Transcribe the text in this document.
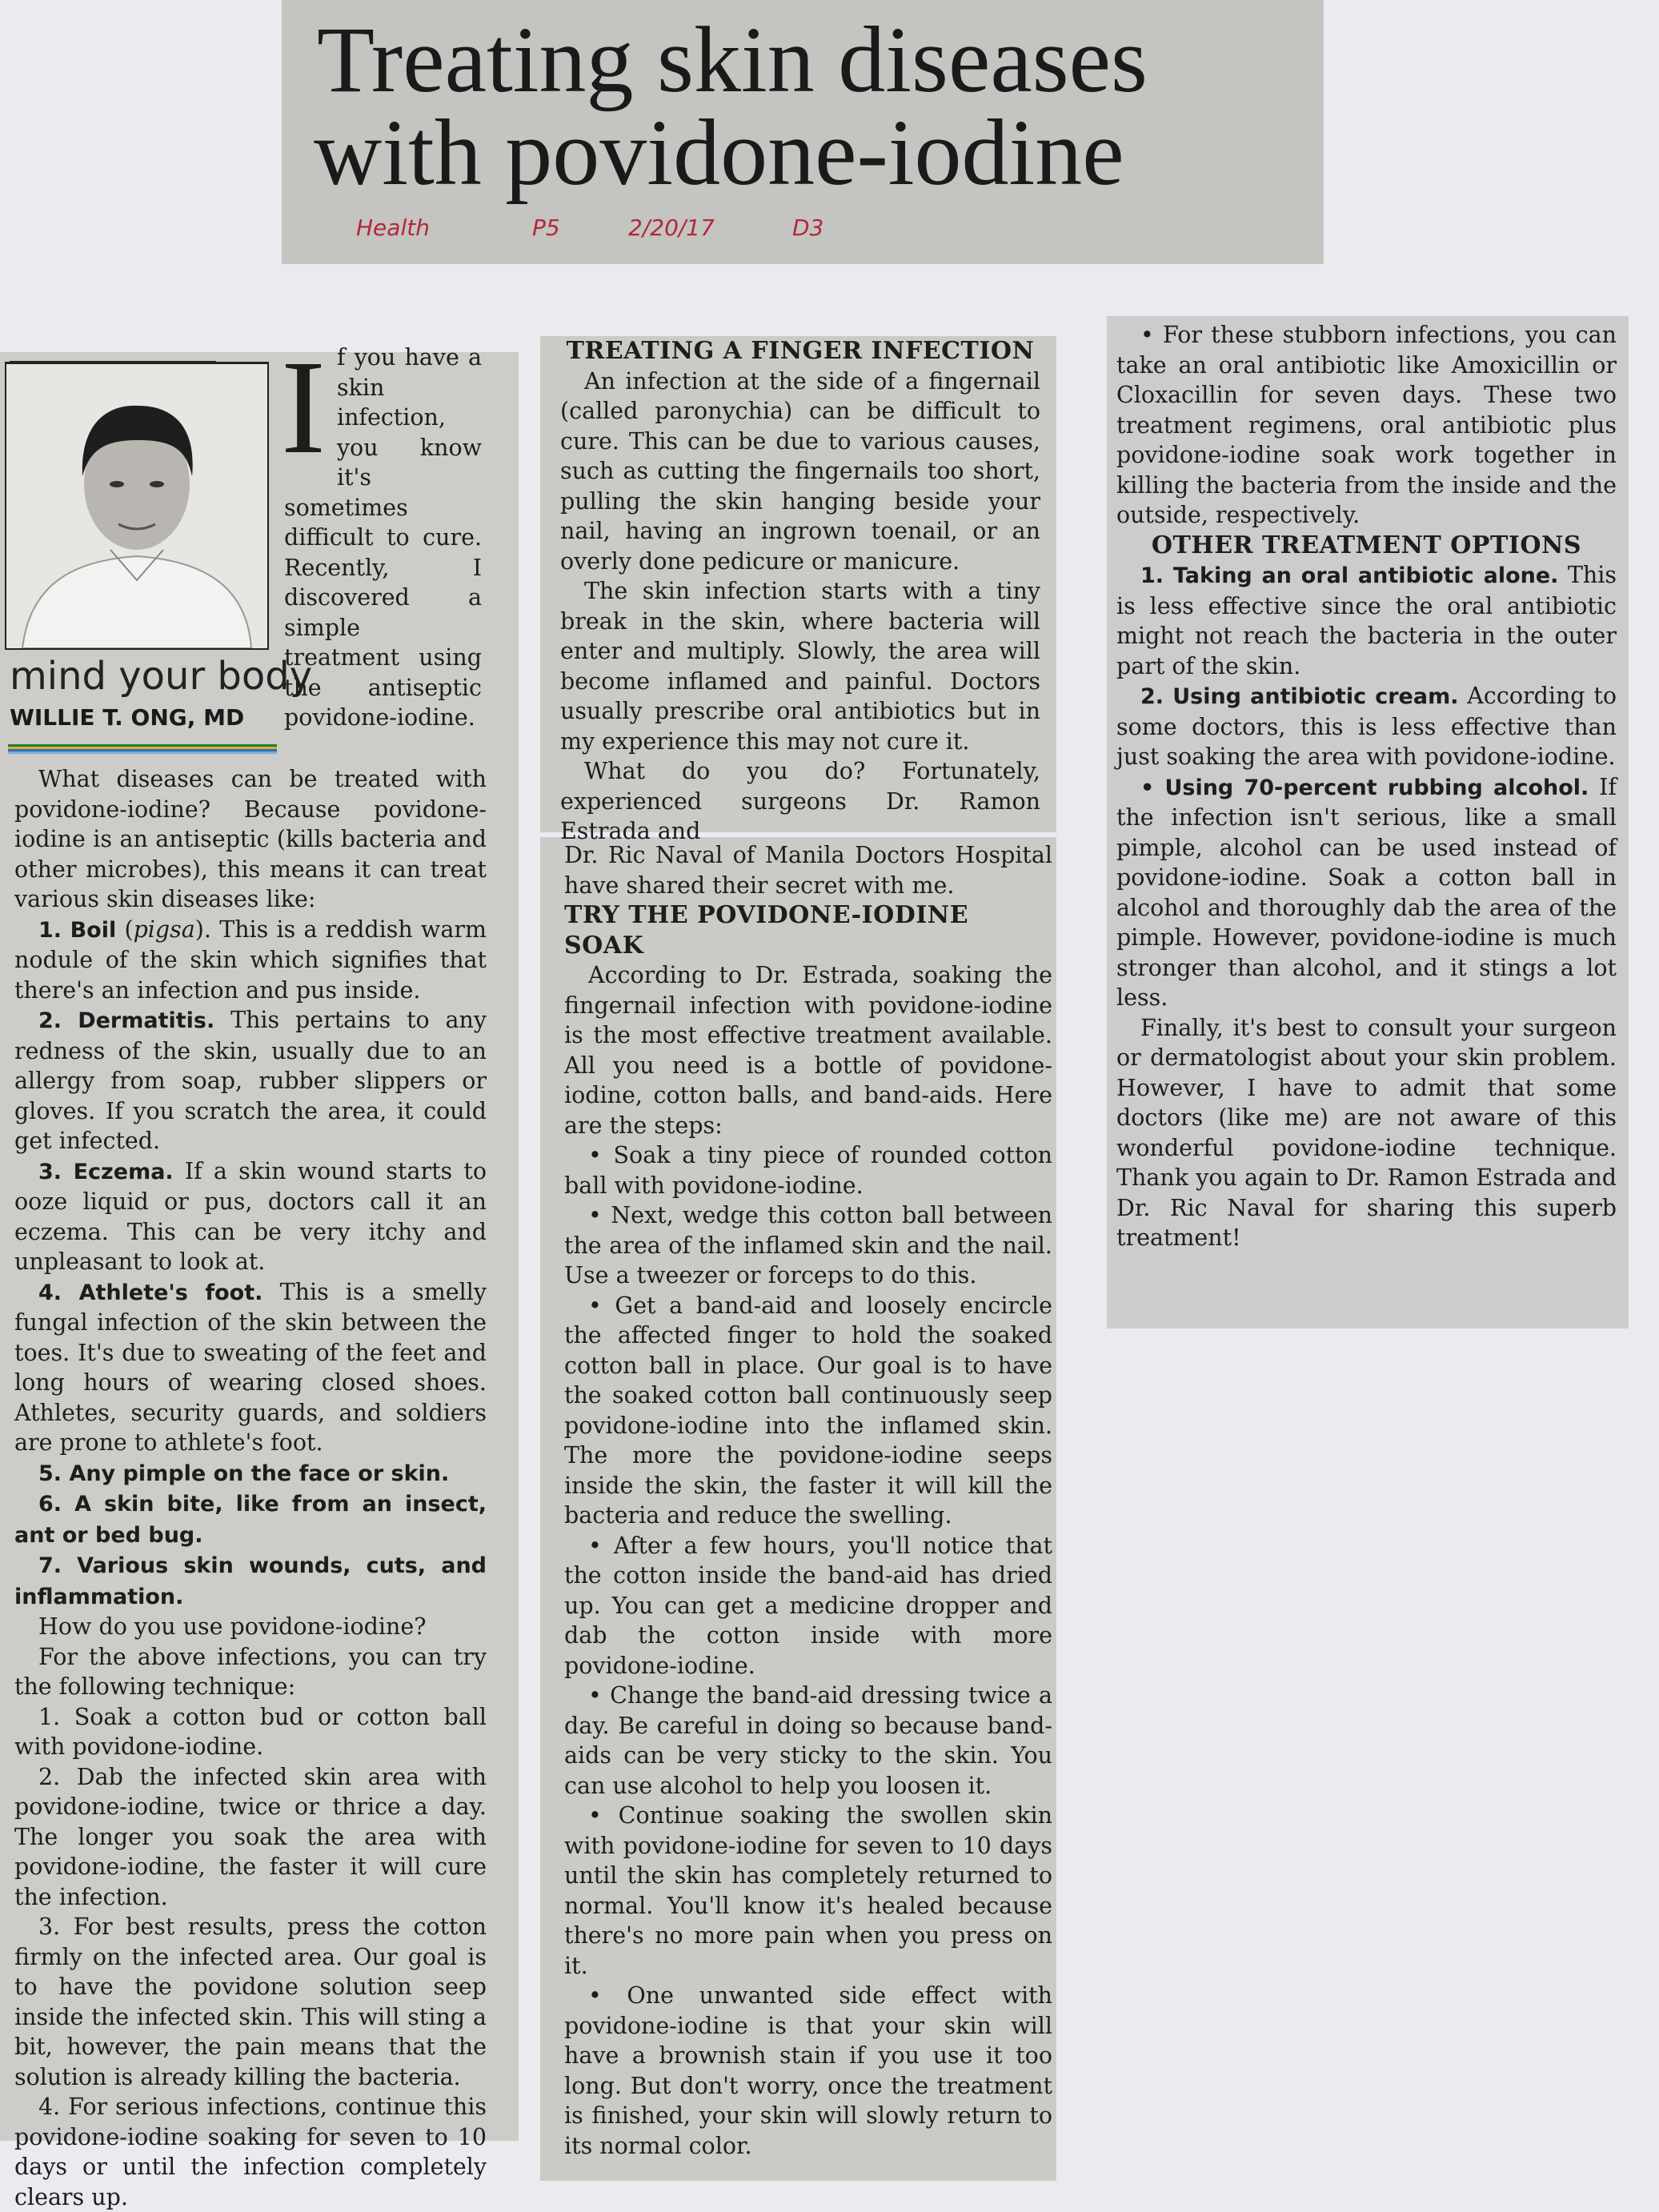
Treating skin diseases
with povidone-iodine
Health	P5	2/20/17	D3
mind your body
WILLIE T. ONG, MD
If you have a skin infection, you know it's sometimes difficult to cure. Recently, I discovered a simple treatment using the antiseptic povidone-iodine.

What diseases can be treated with povidone-iodine? Because povidone-iodine is an antiseptic (kills bacteria and other microbes), this means it can treat various skin diseases like:

1. Boil (pigsa). This is a reddish warm nodule of the skin which signifies that there's an infection and pus inside.

2. Dermatitis. This pertains to any redness of the skin, usually due to an allergy from soap, rubber slippers or gloves. If you scratch the area, it could get infected.

3. Eczema. If a skin wound starts to ooze liquid or pus, doctors call it an eczema. This can be very itchy and unpleasant to look at.

4. Athlete's foot. This is a smelly fungal infection of the skin between the toes. It's due to sweating of the feet and long hours of wearing closed shoes. Athletes, security guards, and soldiers are prone to athlete's foot.

5. Any pimple on the face or skin.

6. A skin bite, like from an insect, ant or bed bug.

7. Various skin wounds, cuts, and inflammation.

How do you use povidone-iodine?

For the above infections, you can try the following technique:

1. Soak a cotton bud or cotton ball with povidone-iodine.

2. Dab the infected skin area with povidone-iodine, twice or thrice a day. The longer you soak the area with povidone-iodine, the faster it will cure the infection.

3. For best results, press the cotton firmly on the infected area. Our goal is to have the povidone solution seep inside the infected skin. This will sting a bit, however, the pain means that the solution is already killing the bacteria.

4. For serious infections, continue this povidone-iodine soaking for seven to 10 days or until the infection completely clears up.

TREATING A FINGER INFECTION

An infection at the side of a fingernail (called paronychia) can be difficult to cure. This can be due to various causes, such as cutting the fingernails too short, pulling the skin hanging beside your nail, having an ingrown toenail, or an overly done pedicure or manicure.

The skin infection starts with a tiny break in the skin, where bacteria will enter and multiply. Slowly, the area will become inflamed and painful. Doctors usually prescribe oral antibiotics but in my experience this may not cure it.

What do you do? Fortunately, experienced surgeons Dr. Ramon Estrada and

Dr. Ric Naval of Manila Doctors Hospital have shared their secret with me.

TRY THE POVIDONE-IODINE SOAK

According to Dr. Estrada, soaking the fingernail infection with povidone-iodine is the most effective treatment available. All you need is a bottle of povidone-iodine, cotton balls, and band-aids. Here are the steps:

• Soak a tiny piece of rounded cotton ball with povidone-iodine.

• Next, wedge this cotton ball between the area of the inflamed skin and the nail. Use a tweezer or forceps to do this.

• Get a band-aid and loosely encircle the affected finger to hold the soaked cotton ball in place. Our goal is to have the soaked cotton ball continuously seep povidone-iodine into the inflamed skin. The more the povidone-iodine seeps inside the skin, the faster it will kill the bacteria and reduce the swelling.

• After a few hours, you'll notice that the cotton inside the band-aid has dried up. You can get a medicine dropper and dab the cotton inside with more povidone-iodine.

• Change the band-aid dressing twice a day. Be careful in doing so because band-aids can be very sticky to the skin. You can use alcohol to help you loosen it.

• Continue soaking the swollen skin with povidone-iodine for seven to 10 days until the skin has completely returned to normal. You'll know it's healed because there's no more pain when you press on it.

• One unwanted side effect with povidone-iodine is that your skin will have a brownish stain if you use it too long. But don't worry, once the treatment is finished, your skin will slowly return to its normal color.

• For these stubborn infections, you can take an oral antibiotic like Amoxicillin or Cloxacillin for seven days. These two treatment regimens, oral antibiotic plus povidone-iodine soak work together in killing the bacteria from the inside and the outside, respectively.

OTHER TREATMENT OPTIONS

1. Taking an oral antibiotic alone. This is less effective since the oral antibiotic might not reach the bacteria in the outer part of the skin.

2. Using antibiotic cream. According to some doctors, this is less effective than just soaking the area with povidone-iodine.

• Using 70-percent rubbing alcohol. If the infection isn't serious, like a small pimple, alcohol can be used instead of povidone-iodine. Soak a cotton ball in alcohol and thoroughly dab the area of the pimple. However, povidone-iodine is much stronger than alcohol, and it stings a lot less.

Finally, it's best to consult your surgeon or dermatologist about your skin problem. However, I have to admit that some doctors (like me) are not aware of this wonderful povidone-iodine technique. Thank you again to Dr. Ramon Estrada and Dr. Ric Naval for sharing this superb treatment!
